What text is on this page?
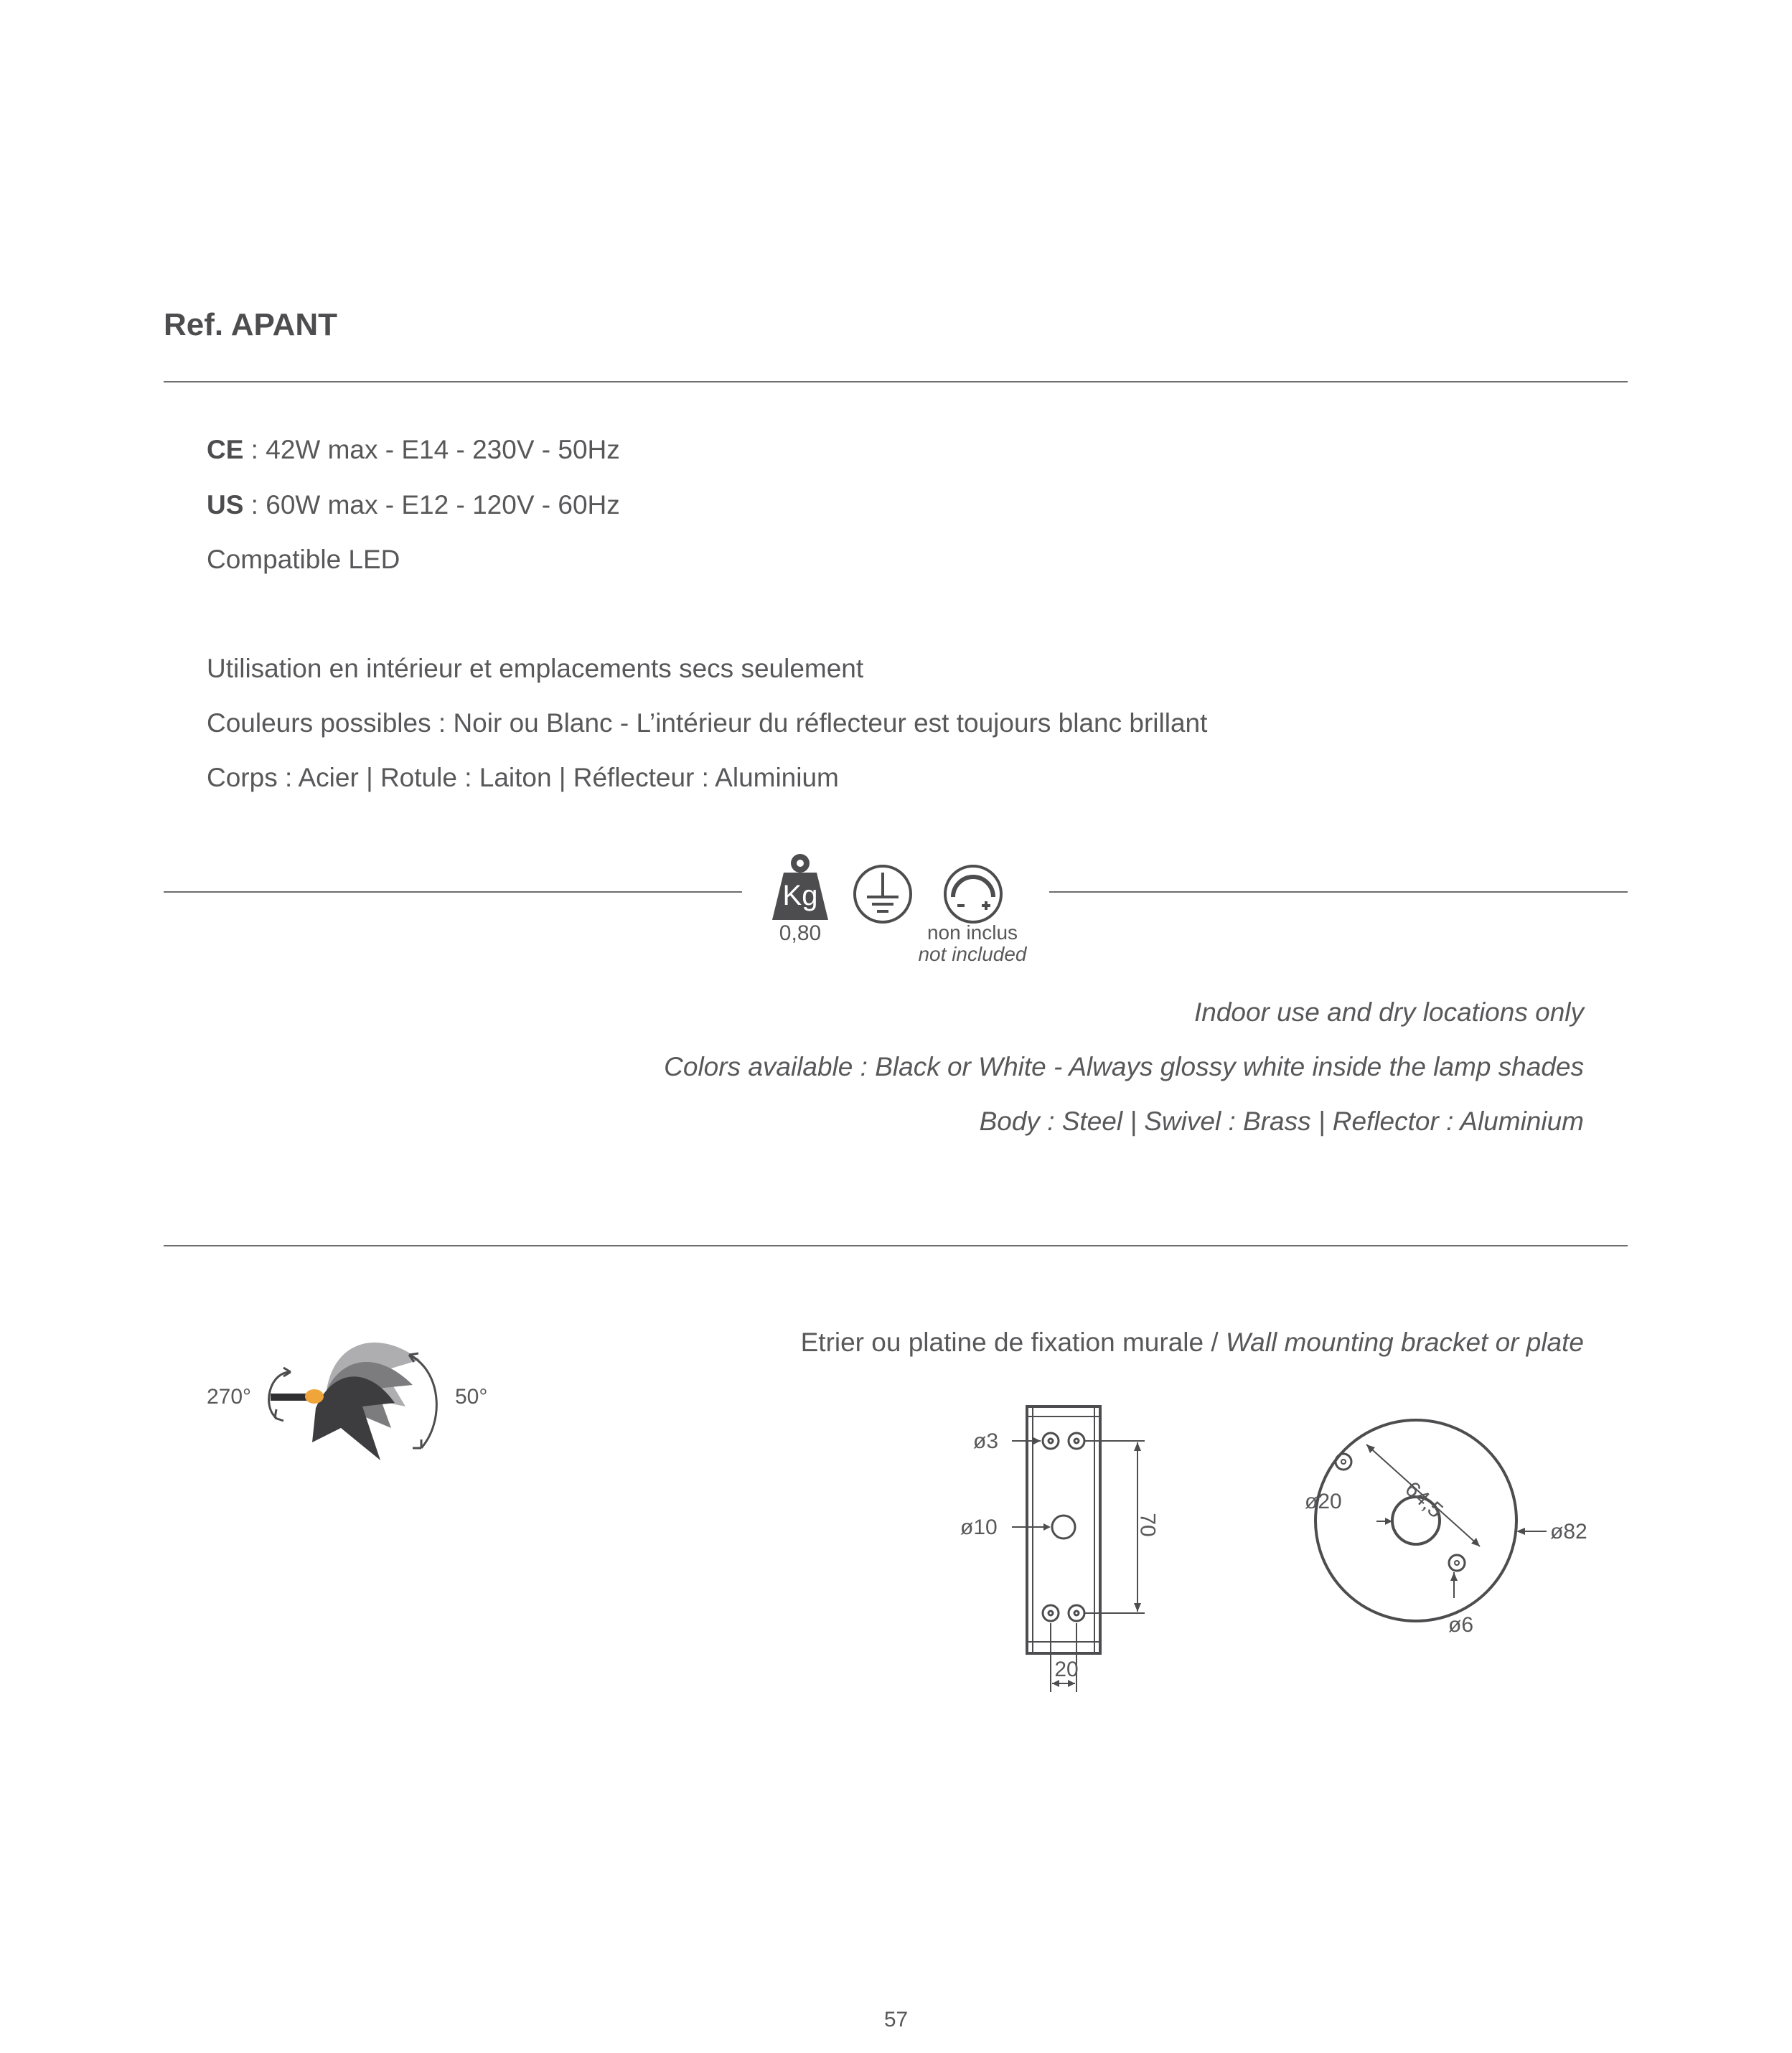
Ref. APANT
CE : 42W max - E14 - 230V - 50Hz
US : 60W max - E12 - 120V - 60Hz
Compatible LED
Utilisation en intérieur et emplacements secs seulement
Couleurs possibles : Noir ou Blanc - L’intérieur du réflecteur est toujours blanc brillant
Corps : Acier | Rotule : Laiton | Réflecteur : Aluminium
Kg
0,80	non inclus
not included
Indoor use and dry locations only
Colors available : Black or White - Always glossy white inside the lamp shades
Body : Steel | Swivel : Brass | Reflector : Aluminium
270°	50°
Etrier ou platine de fixation murale / Wall mounting bracket or plate
ø3
ø10	70
20
ø20	64,5
ø82
ø6
57
